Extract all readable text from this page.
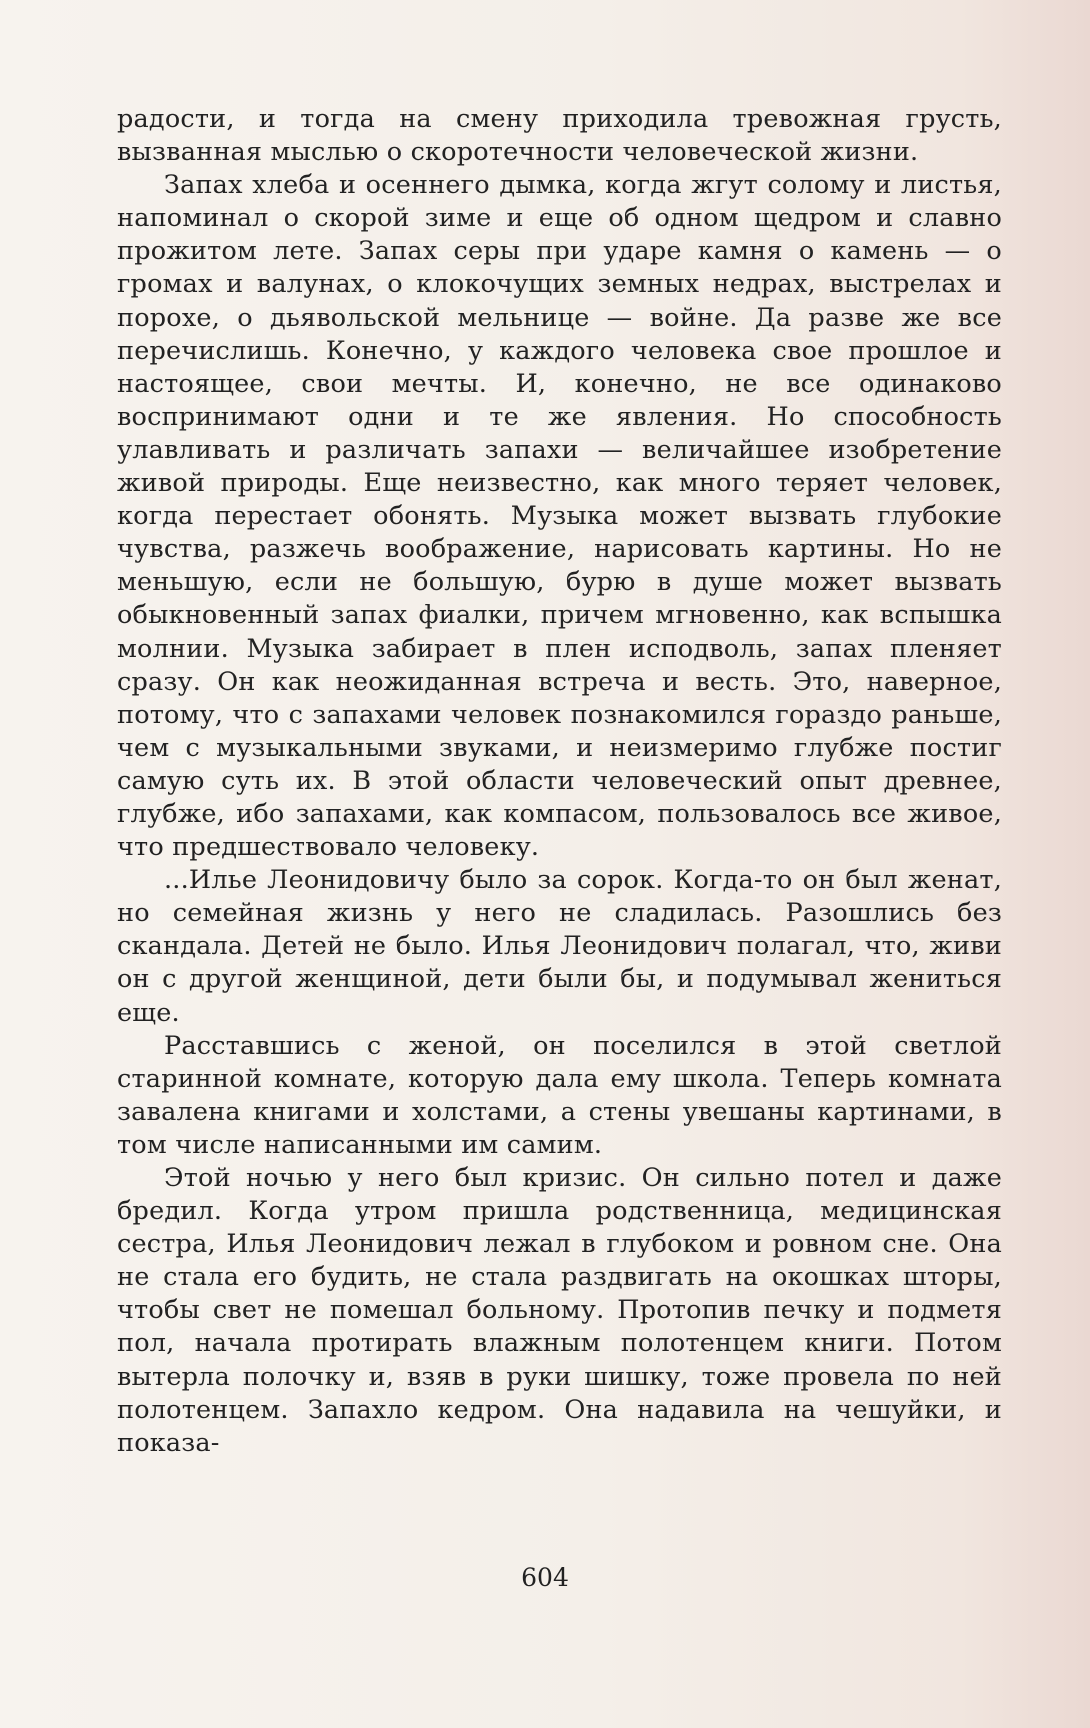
радости, и тогда на смену приходила тревожная грусть, вызванная мыслью о скоротечности человеческой жизни.

Запах хлеба и осеннего дымка, когда жгут солому и листья, напоминал о скорой зиме и еще об одном щедром и славно прожитом лете. Запах серы при ударе камня о камень — о громах и валунах, о клокочущих земных недрах, выстрелах и порохе, о дьявольской мельнице — войне. Да разве же все перечислишь. Конечно, у каждого человека свое прошлое и настоящее, свои мечты. И, конечно, не все одинаково воспринимают одни и те же явления. Но способность улавливать и различать запахи — величайшее изобретение живой природы. Еще неизвестно, как много теряет человек, когда перестает обонять. Музыка может вызвать глубокие чувства, разжечь воображение, нарисовать картины. Но не меньшую, если не большую, бурю в душе может вызвать обыкновенный запах фиалки, причем мгновенно, как вспышка молнии. Музыка забирает в плен исподволь, запах пленяет сразу. Он как неожиданная встреча и весть. Это, наверное, потому, что с запахами человек познакомился гораздо раньше, чем с музыкальными звуками, и неизмеримо глубже постиг самую суть их. В этой области человеческий опыт древнее, глубже, ибо запахами, как компасом, пользовалось все живое, что предшествовало человеку.

...Илье Леонидовичу было за сорок. Когда-то он был женат, но семейная жизнь у него не сладилась. Разошлись без скандала. Детей не было. Илья Леонидович полагал, что, живи он с другой женщиной, дети были бы, и подумывал жениться еще.

Расставшись с женой, он поселился в этой светлой старинной комнате, которую дала ему школа. Теперь комната завалена книгами и холстами, а стены увешаны картинами, в том числе написанными им самим.

Этой ночью у него был кризис. Он сильно потел и даже бредил. Когда утром пришла родственница, медицинская сестра, Илья Леонидович лежал в глубоком и ровном сне. Она не стала его будить, не стала раздвигать на окошках шторы, чтобы свет не помешал больному. Протопив печку и подметя пол, начала протирать влажным полотенцем книги. Потом вытерла полочку и, взяв в руки шишку, тоже провела по ней полотенцем. Запахло кедром. Она надавила на чешуйки, и показа-

604
